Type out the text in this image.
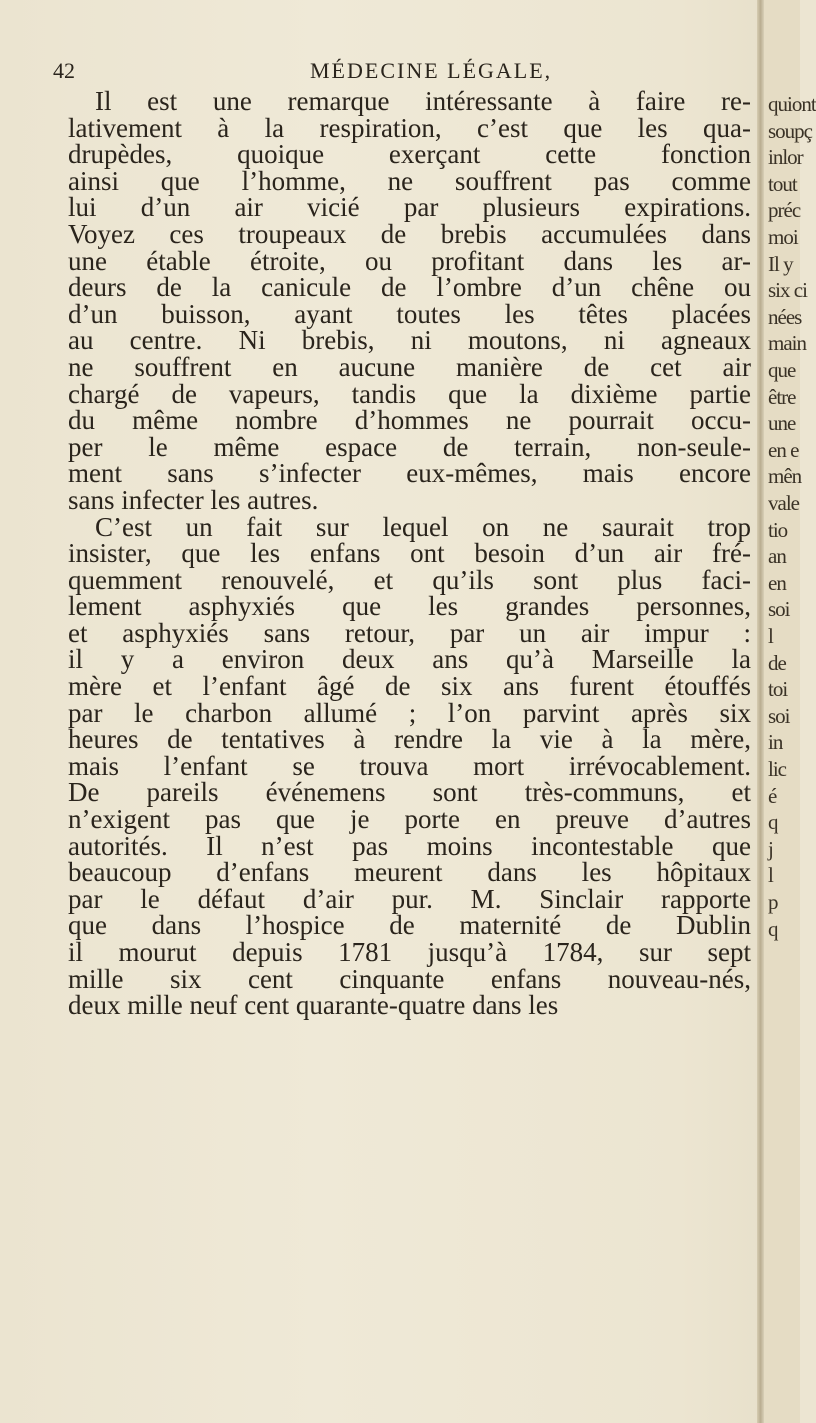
42	MÉDECINE LÉGALE,
Il est une remarque intéressante à faire re-
lativement à la respiration, c’est que les qua-
drupèdes, quoique exerçant cette fonction
ainsi que l’homme, ne souffrent pas comme
lui d’un air vicié par plusieurs expirations.
Voyez ces troupeaux de brebis accumulées dans
une étable étroite, ou profitant dans les ar-
deurs de la canicule de l’ombre d’un chêne ou
d’un buisson, ayant toutes les têtes placées
au centre. Ni brebis, ni moutons, ni agneaux
ne souffrent en aucune manière de cet air
chargé de vapeurs, tandis que la dixième partie
du même nombre d’hommes ne pourrait occu-
per le même espace de terrain, non-seule-
ment sans s’infecter eux-mêmes, mais encore
sans infecter les autres.
C’est un fait sur lequel on ne saurait trop
insister, que les enfans ont besoin d’un air fré-
quemment renouvelé, et qu’ils sont plus faci-
lement asphyxiés que les grandes personnes,
et asphyxiés sans retour, par un air impur :
il y a environ deux ans qu’à Marseille la
mère et l’enfant âgé de six ans furent étouffés
par le charbon allumé ; l’on parvint après six
heures de tentatives à rendre la vie à la mère,
mais l’enfant se trouva mort irrévocablement.
De pareils événemens sont très-communs, et
n’exigent pas que je porte en preuve d’autres
autorités. Il n’est pas moins incontestable que
beaucoup d’enfans meurent dans les hôpitaux
par le défaut d’air pur. M. Sinclair rapporte
que dans l’hospice de maternité de Dublin
il mourut depuis 1781 jusqu’à 1784, sur sept
mille six cent cinquante enfans nouveau-nés,
deux mille neuf cent quarante-quatre dans les
quiont
soupç
inlor
tout
préc
moi
Il y
six ci
nées
main
que
être
une
en e
mên
vale
tio
an
en
soi
l
de
toi
soi
in
lic
é
q
j
l
p
q
